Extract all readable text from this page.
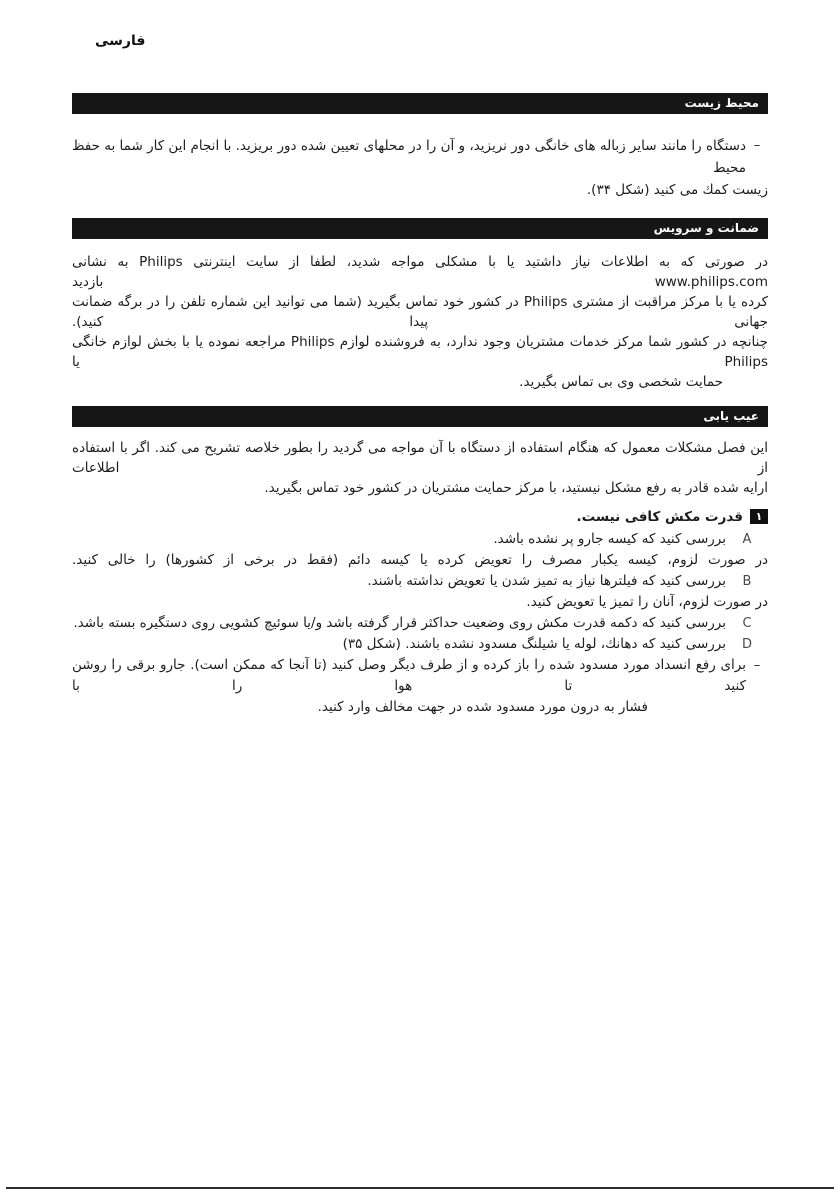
فارسی
محیط زیست
–
دستگاه را مانند سایر زباله های خانگی دور نریزید، و آن را در محلهای تعیین شده دور بریزید. با انجام این كار شما به حفظ محیط
زیست كمك می كنید (شكل ۳۴).
ضمانت و سرویس
در صورتی كه به اطلاعات نیاز داشتید یا با مشكلی مواجه شدید، لطفا از سایت اینترنتی Philips به نشانی www.philips.com بازدید
كرده یا با مركز مراقبت از مشتری Philips در كشور خود تماس بگیرید (شما می توانید این شماره تلفن را در برگه ضمانت جهانی پیدا كنید).
چنانچه در كشور شما مركز خدمات مشتریان وجود ندارد، به فروشنده لوازم Philips مراجعه نموده یا با بخش لوازم خانگی Philips یا
حمایت شخصی وی بی تماس بگیرید.
عیب یابی
این فصل مشكلات معمول كه هنگام استفاده از دستگاه با آن مواجه می گردید را بطور خلاصه تشریح می كند. اگر با استفاده از اطلاعات
ارایه شده قادر به رفع مشكل نیستید، با مركز حمایت مشتریان در كشور خود تماس بگیرید.
۱
قدرت مكش كافی نیست.
A
بررسی كنید كه كیسه جارو پر نشده باشد.
در صورت لزوم، كیسه یكبار مصرف را تعویض كرده یا كیسه دائم (فقط در برخی از كشورها) را خالی كنید.
B
بررسی كنید كه فیلترها نیاز به تمیز شدن یا تعویض نداشته باشند.
در صورت لزوم، آنان را تمیز یا تعویض كنید.
C
بررسی كنید كه دكمه قدرت مكش روی وضعیت حداكثر قرار گرفته باشد و/یا سوئیچ كشویی روی دستگیره بسته باشد.
D
بررسی كنید كه دهانك، لوله یا شیلنگ مسدود نشده باشند. (شكل ۳۵)
–
برای رفع انسداد مورد مسدود شده را باز كرده و از طرف دیگر وصل كنید (تا آنجا كه ممكن است). جارو برقی را روشن كنید تا هوا را با
فشار به درون مورد مسدود شده در جهت مخالف وارد كنید.
